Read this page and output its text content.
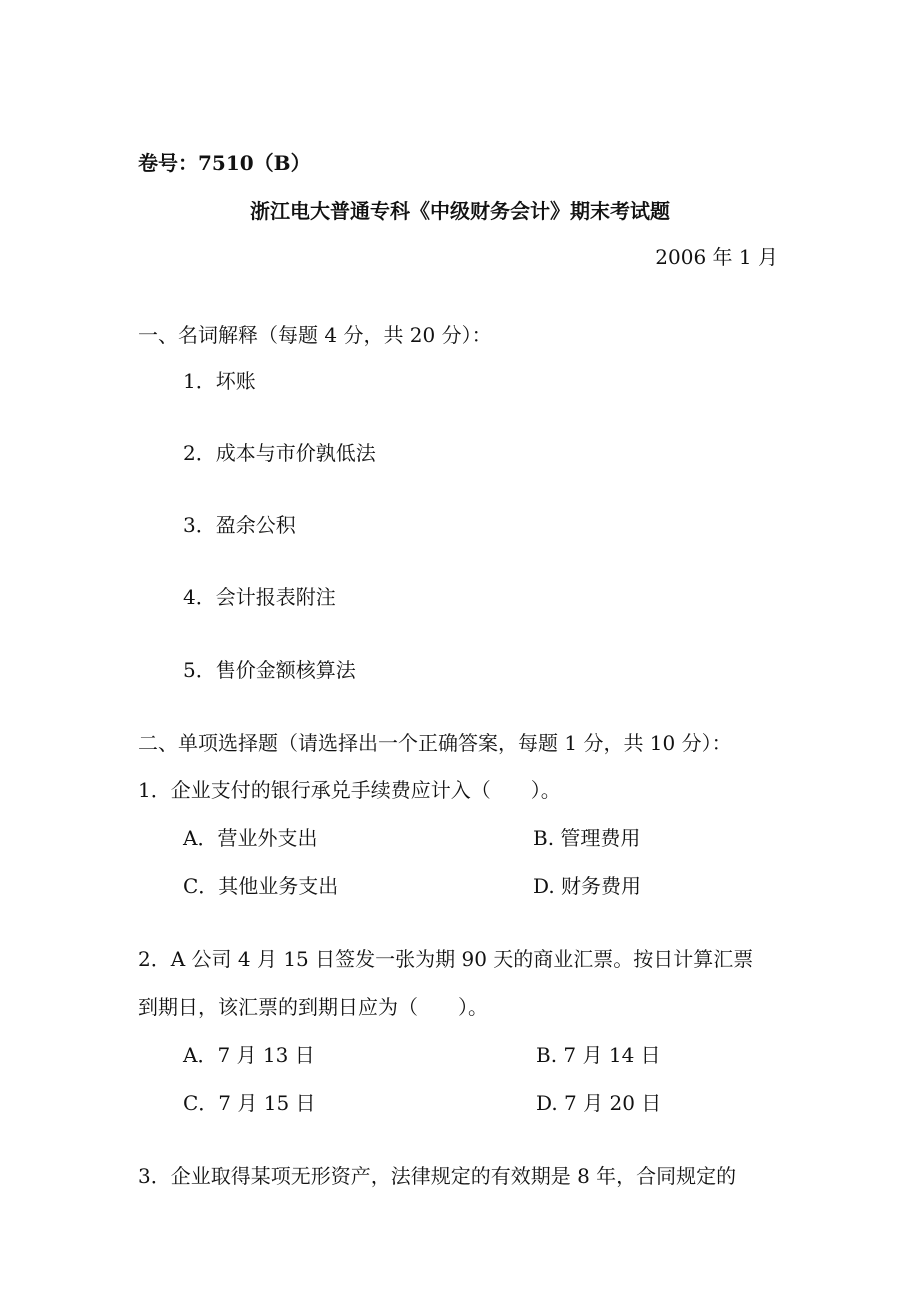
卷号：7510（B）
浙江电大普通专科《中级财务会计》期末考试题
2006 年 1 月
一、名词解释（每题 4 分，共 20 分）：
1．坏账
2．成本与市价孰低法
3．盈余公积
4．会计报表附注
5．售价金额核算法
二、单项选择题（请选择出一个正确答案，每题 1 分，共 10 分）：
1．企业支付的银行承兑手续费应计入（　　）。
A．营业外支出	B. 管理费用
C．其他业务支出	D. 财务费用
2．A 公司 4 月 15 日签发一张为期 90 天的商业汇票。按日计算汇票
到期日，该汇票的到期日应为（　　）。
A．7 月 13 日	B. 7 月 14 日
C．7 月 15 日	D. 7 月 20 日
3．企业取得某项无形资产，法律规定的有效期是 8 年，合同规定的
